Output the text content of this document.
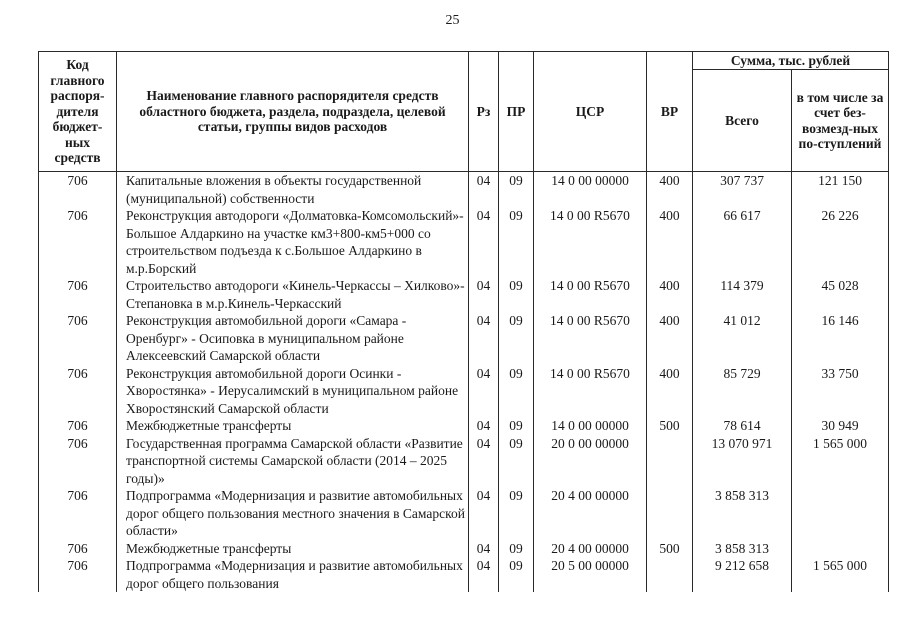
25
Код главного распоря-дителя бюджет-ных средств	Наименование главного распорядителя средств областного бюджета, раздела, подраздела, целевой статьи, группы видов расходов	Рз	ПР	ЦСР	ВР	Сумма, тыс. рублей	
						Всего	в том числе за счет без-возмезд-ных по-ступлений
706	Капитальные вложения в объекты государственной (муниципальной) собственности	04	09	14 0 00 00000	400	307 737	121 150
706	Реконструкция автодороги «Долматовка-Комсомольский»-Большое Алдаркино на участке км3+800-км5+000 со строительством подъезда к с.Большое Алдаркино в м.р.Борский	04	09	14 0 00 R5670	400	66 617	26 226
706	Строительство автодороги «Кинель-Черкассы – Хилково»-Степановка в м.р.Кинель-Черкасский	04	09	14 0 00 R5670	400	114 379	45 028
706	Реконструкция автомобильной дороги «Самара - Оренбург» - Осиповка в муниципальном районе Алексеевский Самарской области	04	09	14 0 00 R5670	400	41 012	16 146
706	Реконструкция автомобильной дороги Осинки - Хворостянка» - Иерусалимский в муниципальном районе Хворостянский Самарской области	04	09	14 0 00 R5670	400	85 729	33 750
706	Межбюджетные трансферты	04	09	14 0 00 00000	500	78 614	30 949
706	Государственная программа Самарской области «Развитие транспортной системы Самарской области (2014 – 2025 годы)»	04	09	20 0 00 00000		13 070 971	1 565 000
706	Подпрограмма «Модернизация и развитие автомобильных дорог общего пользования местного значения в Самарской области»	04	09	20 4 00 00000		3 858 313	
706	Межбюджетные трансферты	04	09	20 4 00 00000	500	3 858 313	
706	Подпрограмма «Модернизация и развитие автомобильных дорог общего пользования	04	09	20 5 00 00000		9 212 658	1 565 000
